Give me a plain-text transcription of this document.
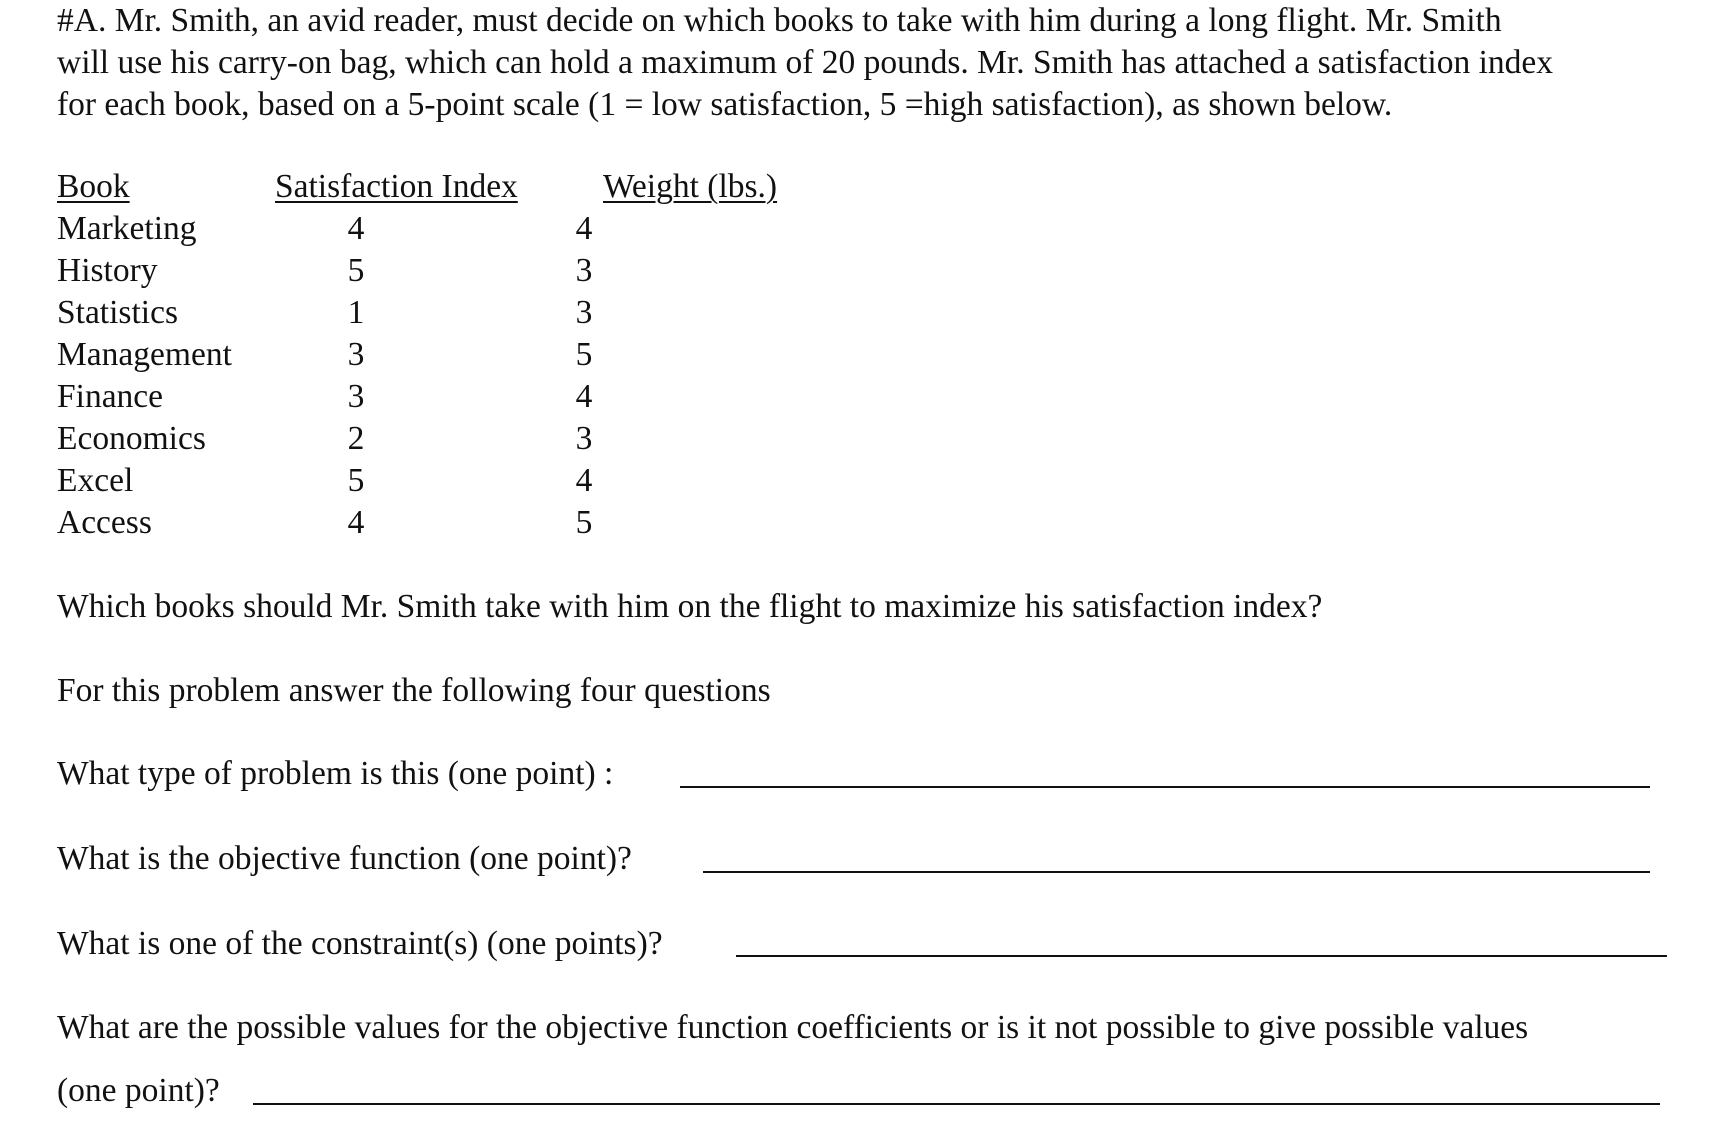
#A. Mr. Smith, an avid reader, must decide on which books to take with him during a long flight. Mr. Smith
will use his carry-on bag, which can hold a maximum of 20 pounds. Mr. Smith has attached a satisfaction index
for each book, based on a 5-point scale (1 = low satisfaction, 5 =high satisfaction), as shown below.
Book	Satisfaction Index	Weight (lbs.)
Marketing	4	4
History	5	3
Statistics	1	3
Management	3	5
Finance	3	4
Economics	2	3
Excel	5	4
Access	4	5
Which books should Mr. Smith take with him on the flight to maximize his satisfaction index?
For this problem answer the following four questions
What type of problem is this (one point) :
What is the objective function (one point)?
What is one of the constraint(s) (one points)?
What are the possible values for the objective function coefficients or is it not possible to give possible values
(one point)?
